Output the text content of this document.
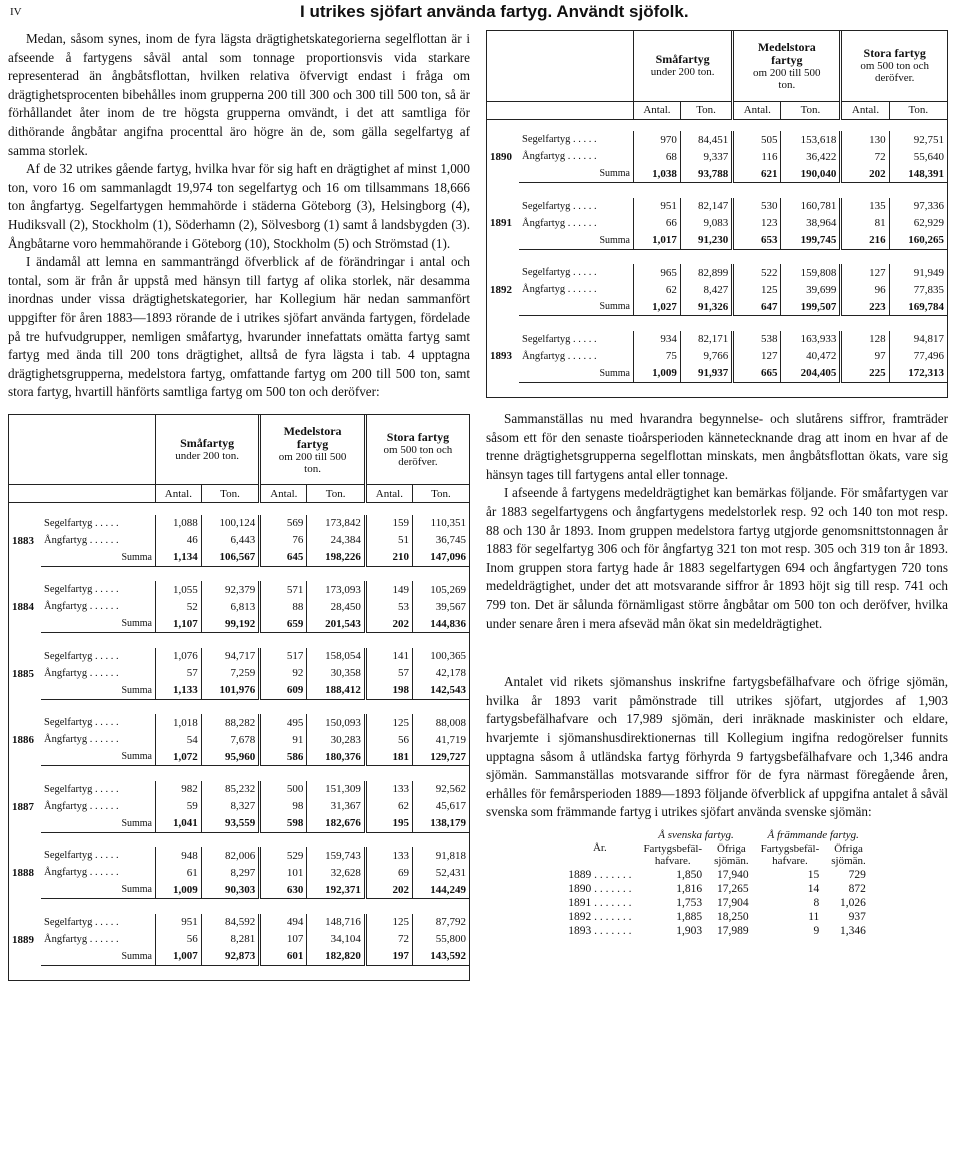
IV	I utrikes sjöfart använda fartyg. Användt sjöfolk.

Medan, såsom synes, inom de fyra lägsta drägtighetskategorierna segelflottan är i afseende å fartygens såväl antal som tonnage proportionsvis vida starkare representerad än ångbåtsflottan, hvilken relativa öfvervigt endast i fråga om drägtighetsprocenten bibehålles inom grupperna 200 till 300 och 300 till 500 ton, så är förhållandet åter inom de tre högsta grupperna omvändt, i det att samtliga för dithörande ångbåtar angifna procenttal äro högre än de, som gälla segelfartyg af samma storlek.

Af de 32 utrikes gående fartyg, hvilka hvar för sig haft en drägtighet af minst 1,000 ton, voro 16 om sammanlagdt 19,974 ton segelfartyg och 16 om tillsammans 18,666 ton ångfartyg. Segelfartygen hemmahörde i städerna Göteborg (3), Helsingborg (4), Hudiksvall (2), Stockholm (1), Söderhamn (2), Sölvesborg (1) samt å landsbygden (3). Ångbåtarne voro hemmahörande i Göteborg (10), Stockholm (5) och Strömstad (1).

I ändamål att lemna en sammanträngd öfverblick af de förändringar i antal och tontal, som är från år uppstå med hänsyn till fartyg af olika storlek, när desamma inordnas under vissa drägtighetskategorier, har Kollegium här nedan sammanfört uppgifter för åren 1883—1893 rörande de i utrikes sjöfart använda fartygen, fördelade på tre hufvudgrupper, nemligen småfartyg, hvarunder innefattats omätta fartyg samt fartyg med ända till 200 tons drägtighet, alltså de fyra lägsta i tab. 4 upptagna drägtighetsgrupperna, medelstora fartyg, omfattande fartyg om 200 till 500 ton, samt stora fartyg, hvartill hänförts samtliga fartyg om 500 ton och deröfver:

		Småfartyg
under 200 ton.		Medelstora
fartyg
om 200 till 500
ton.		Stora fartyg
om 500 ton och
deröfver.	
		Antal.	Ton.	Antal.	Ton.	Antal.	Ton.

1883	Segelfartyg . . . . .	1,088	100,124	569	173,842	159	110,351
	Ångfartyg . . . . . .	46	6,443	76	24,384	51	36,745
	Summa	1,134	106,567	645	198,226	210	147,096

1884	Segelfartyg . . . . .	1,055	92,379	571	173,093	149	105,269
	Ångfartyg . . . . . .	52	6,813	88	28,450	53	39,567
	Summa	1,107	99,192	659	201,543	202	144,836

1885	Segelfartyg . . . . .	1,076	94,717	517	158,054	141	100,365
	Ångfartyg . . . . . .	57	7,259	92	30,358	57	42,178
	Summa	1,133	101,976	609	188,412	198	142,543

1886	Segelfartyg . . . . .	1,018	88,282	495	150,093	125	88,008
	Ångfartyg . . . . . .	54	7,678	91	30,283	56	41,719
	Summa	1,072	95,960	586	180,376	181	129,727

1887	Segelfartyg . . . . .	982	85,232	500	151,309	133	92,562
	Ångfartyg . . . . . .	59	8,327	98	31,367	62	45,617
	Summa	1,041	93,559	598	182,676	195	138,179

1888	Segelfartyg . . . . .	948	82,006	529	159,743	133	91,818
	Ångfartyg . . . . . .	61	8,297	101	32,628	69	52,431
	Summa	1,009	90,303	630	192,371	202	144,249

1889	Segelfartyg . . . . .	951	84,592	494	148,716	125	87,792
	Ångfartyg . . . . . .	56	8,281	107	34,104	72	55,800
	Summa	1,007	92,873	601	182,820	197	143,592

		Småfartyg
under 200 ton.		Medelstora
fartyg
om 200 till 500
ton.		Stora fartyg
om 500 ton och
deröfver.	
		Antal.	Ton.	Antal.	Ton.	Antal.	Ton.

1890	Segelfartyg . . . . .	970	84,451	505	153,618	130	92,751
	Ångfartyg . . . . . .	68	9,337	116	36,422	72	55,640
	Summa	1,038	93,788	621	190,040	202	148,391

1891	Segelfartyg . . . . .	951	82,147	530	160,781	135	97,336
	Ångfartyg . . . . . .	66	9,083	123	38,964	81	62,929
	Summa	1,017	91,230	653	199,745	216	160,265

1892	Segelfartyg . . . . .	965	82,899	522	159,808	127	91,949
	Ångfartyg . . . . . .	62	8,427	125	39,699	96	77,835
	Summa	1,027	91,326	647	199,507	223	169,784

1893	Segelfartyg . . . . .	934	82,171	538	163,933	128	94,817
	Ångfartyg . . . . . .	75	9,766	127	40,472	97	77,496
	Summa	1,009	91,937	665	204,405	225	172,313

Sammanställas nu med hvarandra begynnelse- och slutårens siffror, framträder såsom ett för den senaste tioårsperioden kännetecknande drag att inom en hvar af de trenne drägtighetsgrupperna segelflottan minskats, men ångbåtsflottan ökats, vare sig hänsyn tages till fartygens antal eller tonnage.

I afseende å fartygens medeldrägtighet kan bemärkas följande. För småfartygen var år 1883 segelfartygens och ångfartygens medelstorlek resp. 92 och 140 ton mot resp. 88 och 130 år 1893. Inom gruppen medelstora fartyg utgjorde genomsnittstonnagen år 1883 för segelfartyg 306 och för ångfartyg 321 ton mot resp. 305 och 319 ton år 1893. Inom gruppen stora fartyg hade år 1883 segelfartygen 694 och ångfartygen 720 tons medeldrägtighet, under det att motsvarande siffror år 1893 höjt sig till resp. 741 och 799 ton. Det är sålunda förnämligast större ångbåtar om 500 ton och deröfver, hvilka under senare åren i mera afseväd mån ökat sin medeldrägtighet.

Antalet vid rikets sjömanshus inskrifne fartygsbefälhafvare och öfrige sjömän, hvilka år 1893 varit påmönstrade till utrikes sjöfart, utgjordes af 1,903 fartygsbefälhafvare och 17,989 sjömän, deri inräknade maskinister och eldare, hvarjemte i sjömanshusdirektionernas till Kollegium ingifna redogörelser funnits upptagna såsom å utländska fartyg förhyrda 9 fartygsbefälhafvare och 1,346 andra sjömän. Sammanställas motsvarande siffror för de fyra närmast föregående åren, erhålles för femårsperioden 1889—1893 följande öfverblick af uppgifna antalet å såväl svenska som främmande fartyg i utrikes sjöfart använda svenske sjömän:

År.	Å svenska fartyg.		Å främmande fartyg.	
	Fartygsbefäl-
hafvare.	Öfriga
sjömän.	Fartygsbefäl-
hafvare.	Öfriga
sjömän.
1889 . . . . . . .	1,850	17,940	15	729
1890 . . . . . . .	1,816	17,265	14	872
1891 . . . . . . .	1,753	17,904	8	1,026
1892 . . . . . . .	1,885	18,250	11	937
1893 . . . . . . .	1,903	17,989	9	1,346
